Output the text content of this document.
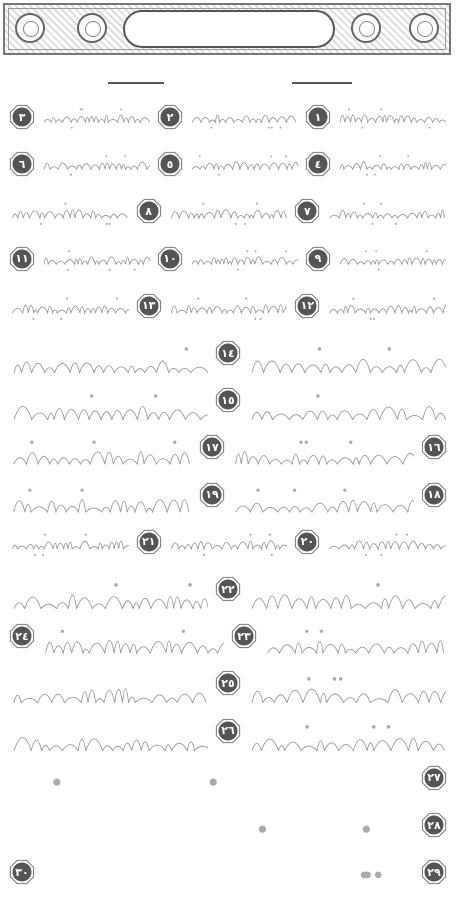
١
٢
٣
٤
٥
٦
٧
٨
٩
١٠
١١
١٢
١٣
١٤
١٥
١٦
١٧
١٨
١٩
٢٠
٢١
٢٢
٢٣
٢٤
٢٥
٢٦
٢٧
٢٨
٢٩
٣٠
